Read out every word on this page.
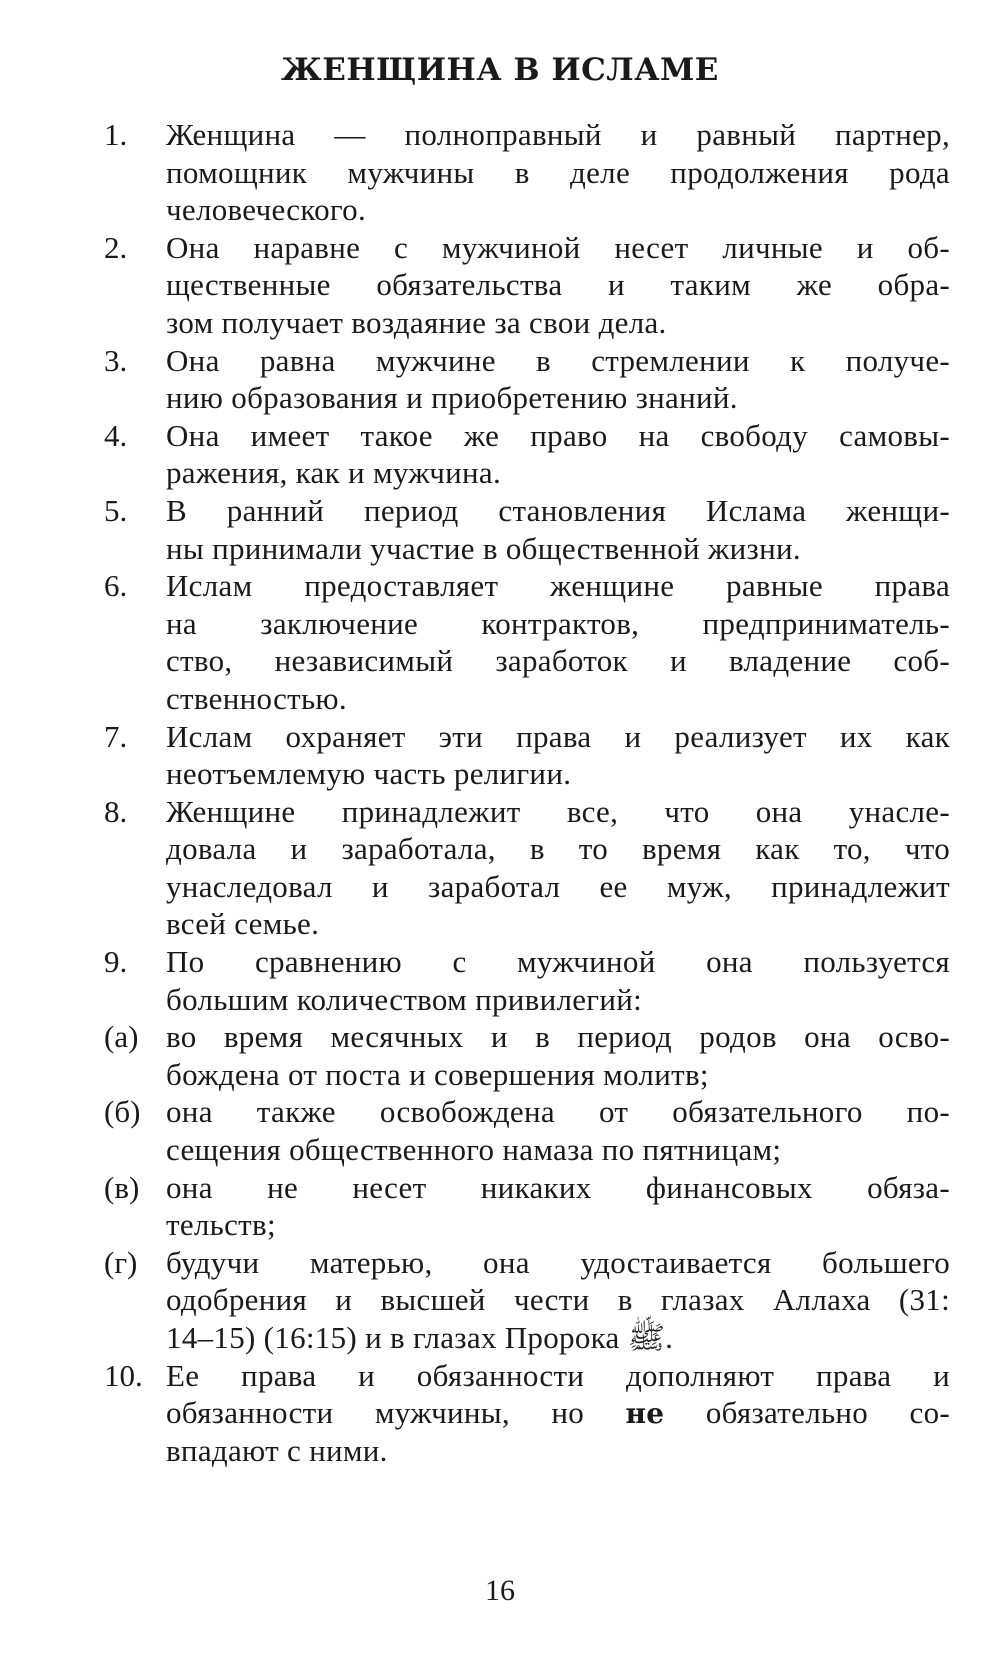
ЖЕНЩИНА В ИСЛАМЕ
1.	Женщина — полноправный и равный партнер,
помощник мужчины в деле продолжения рода
человеческого.
2.	Она наравне с мужчиной несет личные и об-
щественные обязательства и таким же обра-
зом получает воздаяние за свои дела.
3.	Она равна мужчине в стремлении к получе-
нию образования и приобретению знаний.
4.	Она имеет такое же право на свободу самовы-
ражения, как и мужчина.
5.	В ранний период становления Ислама женщи-
ны принимали участие в общественной жизни.
6.	Ислам предоставляет женщине равные права
на заключение контрактов, предприниматель-
ство, независимый заработок и владение соб-
ственностью.
7.	Ислам охраняет эти права и реализует их как
неотъемлемую часть религии.
8.	Женщине принадлежит все, что она унасле-
довала и заработала, в то время как то, что
унаследовал и заработал ее муж, принадлежит
всей семье.
9.	По сравнению с мужчиной она пользуется
большим количеством привилегий:
(а) во время месячных и в период родов она осво-
бождена от поста и совершения молитв;
(б) она также освобождена от обязательного по-
сещения общественного намаза по пятницам;
(в) она не несет никаких финансовых обяза-
тельств;
(г) будучи матерью, она удостаивается большего
одобрения и высшей чести в глазах Аллаха (31:
14–15) (16:15) и в глазах Пророка ﷺ.
10. Ее права и обязанности дополняют права и
обязанности мужчины, но не обязательно со-
впадают с ними.
16
